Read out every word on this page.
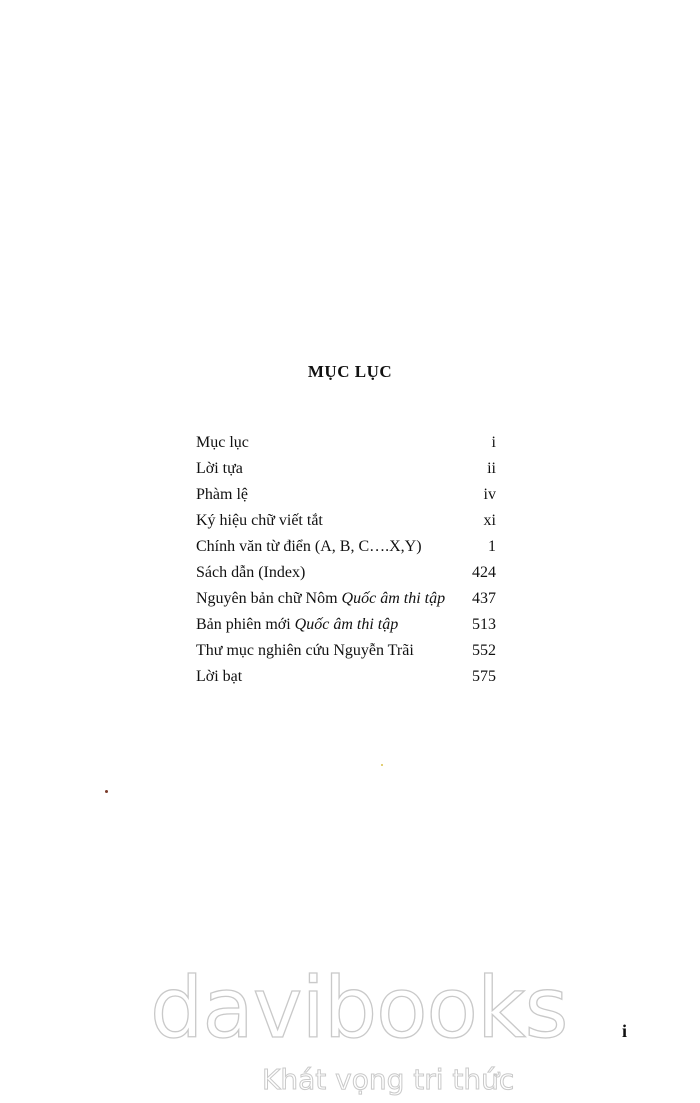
MỤC LỤC
Mục lục	i
Lời tựa	ii
Phàm lệ	iv
Ký hiệu chữ viết tắt	xi
Chính văn từ điển (A, B, C….X,Y)	1
Sách dẫn (Index)	424
Nguyên bản chữ Nôm Quốc âm thi tập 437
Bản phiên mới Quốc âm thi tập	513
Thư mục nghiên cứu Nguyễn Trãi	552
Lời bạt	575
davibooks
Khát vọng tri thức
i
